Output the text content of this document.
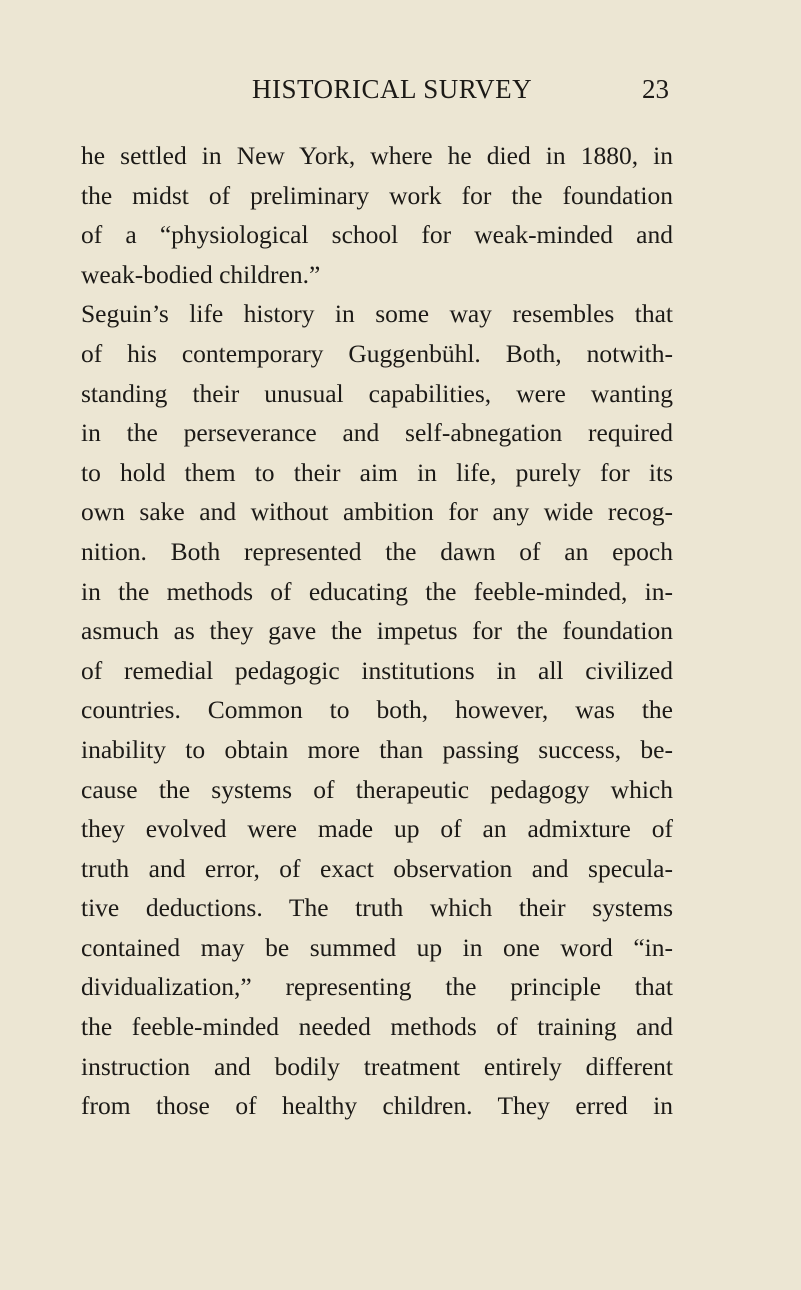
HISTORICAL SURVEY	23
he settled in New York, where he died in 1880, in
the midst of preliminary work for the foundation
of a “physiological school for weak-minded and
weak-bodied children.”
Seguin’s life history in some way resembles that
of his contemporary Guggenbühl. Both, notwith-
standing their unusual capabilities, were wanting
in the perseverance and self-abnegation required
to hold them to their aim in life, purely for its
own sake and without ambition for any wide recog-
nition. Both represented the dawn of an epoch
in the methods of educating the feeble-minded, in-
asmuch as they gave the impetus for the foundation
of remedial pedagogic institutions in all civilized
countries. Common to both, however, was the
inability to obtain more than passing success, be-
cause the systems of therapeutic pedagogy which
they evolved were made up of an admixture of
truth and error, of exact observation and specula-
tive deductions. The truth which their systems
contained may be summed up in one word “in-
dividualization,” representing the principle that
the feeble-minded needed methods of training and
instruction and bodily treatment entirely different
from those of healthy children. They erred in
